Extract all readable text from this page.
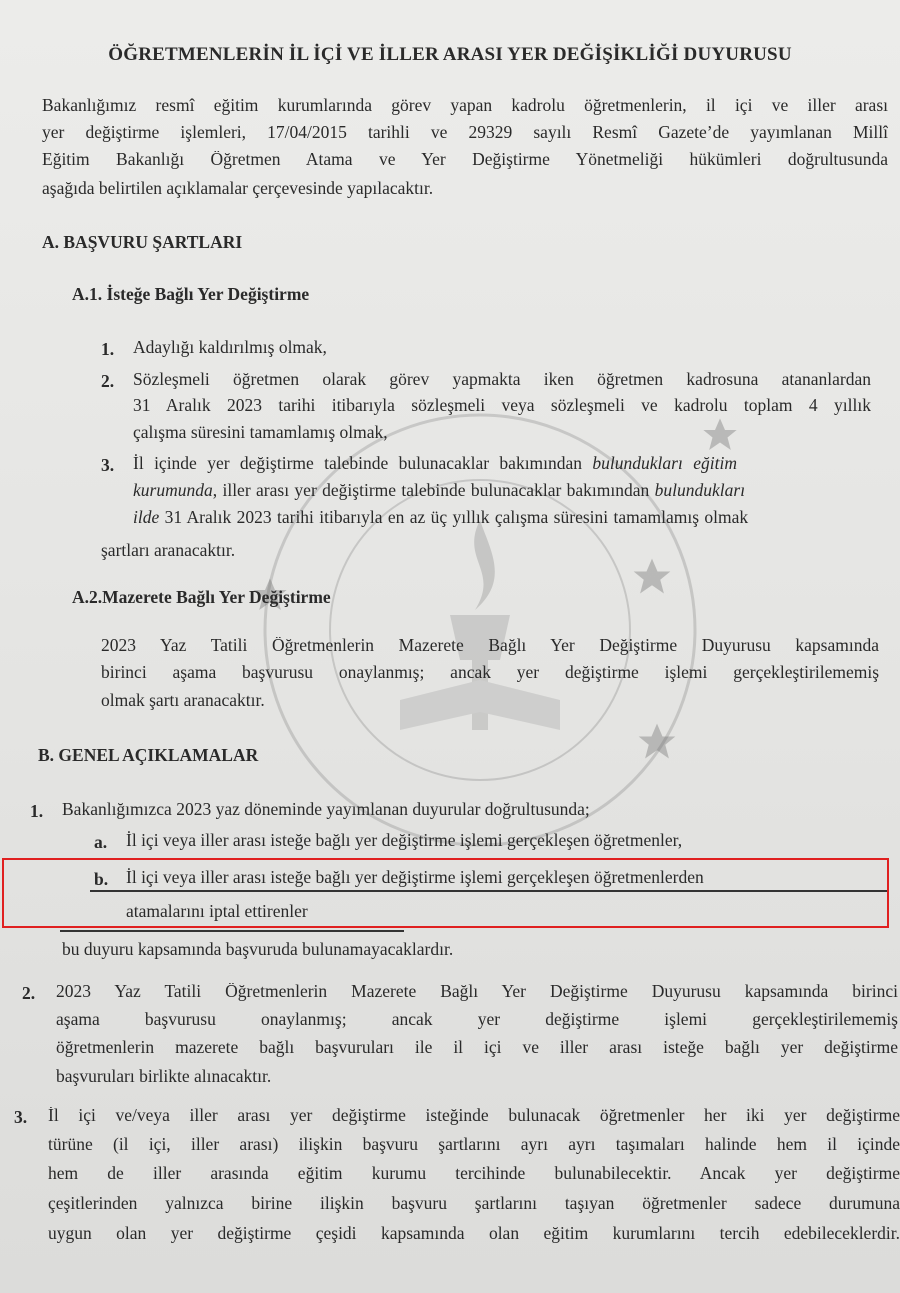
ÖĞRETMENLERİN İL İÇİ VE İLLER ARASI YER DEĞİŞİKLİĞİ DUYURUSU
Bakanlığımız resmî eğitim kurumlarında görev yapan kadrolu öğretmenlerin, il içi ve iller arası
yer değiştirme işlemleri, 17/04/2015 tarihli ve 29329 sayılı Resmî Gazete’de yayımlanan Millî
Eğitim Bakanlığı Öğretmen Atama ve Yer Değiştirme Yönetmeliği hükümleri doğrultusunda
aşağıda belirtilen açıklamalar çerçevesinde yapılacaktır.
A. BAŞVURU ŞARTLARI
A.1. İsteğe Bağlı Yer Değiştirme
1. Adaylığı kaldırılmış olmak,
2. Sözleşmeli öğretmen olarak görev yapmakta iken öğretmen kadrosuna atananlardan
31 Aralık 2023 tarihi itibarıyla sözleşmeli veya sözleşmeli ve kadrolu toplam 4 yıllık
çalışma süresini tamamlamış olmak,
3. İl içinde yer değiştirme talebinde bulunacaklar bakımından bulundukları eğitim
kurumunda, iller arası yer değiştirme talebinde bulunacaklar bakımından bulundukları
ilde 31 Aralık 2023 tarihi itibarıyla en az üç yıllık çalışma süresini tamamlamış olmak
şartları aranacaktır.
A.2.Mazerete Bağlı Yer Değiştirme
2023 Yaz Tatili Öğretmenlerin Mazerete Bağlı Yer Değiştirme Duyurusu kapsamında
birinci aşama başvurusu onaylanmış; ancak yer değiştirme işlemi gerçekleştirilememiş
olmak şartı aranacaktır.
B. GENEL AÇIKLAMALAR
1. Bakanlığımızca 2023 yaz döneminde yayımlanan duyurular doğrultusunda;
a. İl içi veya iller arası isteğe bağlı yer değiştirme işlemi gerçekleşen öğretmenler,
b. İl içi veya iller arası isteğe bağlı yer değiştirme işlemi gerçekleşen öğretmenlerden
atamalarını iptal ettirenler
bu duyuru kapsamında başvuruda bulunamayacaklardır.
2. 2023 Yaz Tatili Öğretmenlerin Mazerete Bağlı Yer Değiştirme Duyurusu kapsamında birinci
aşama başvurusu onaylanmış; ancak yer değiştirme işlemi gerçekleştirilememiş
öğretmenlerin mazerete bağlı başvuruları ile il içi ve iller arası isteğe bağlı yer değiştirme
başvuruları birlikte alınacaktır.
3. İl içi ve/veya iller arası yer değiştirme isteğinde bulunacak öğretmenler her iki yer değiştirme
türüne (il içi, iller arası) ilişkin başvuru şartlarını ayrı ayrı taşımaları halinde hem il içinde
hem de iller arasında eğitim kurumu tercihinde bulunabilecektir. Ancak yer değiştirme
çeşitlerinden yalnızca birine ilişkin başvuru şartlarını taşıyan öğretmenler sadece durumuna
uygun olan yer değiştirme çeşidi kapsamında olan eğitim kurumlarını tercih edebileceklerdir.
